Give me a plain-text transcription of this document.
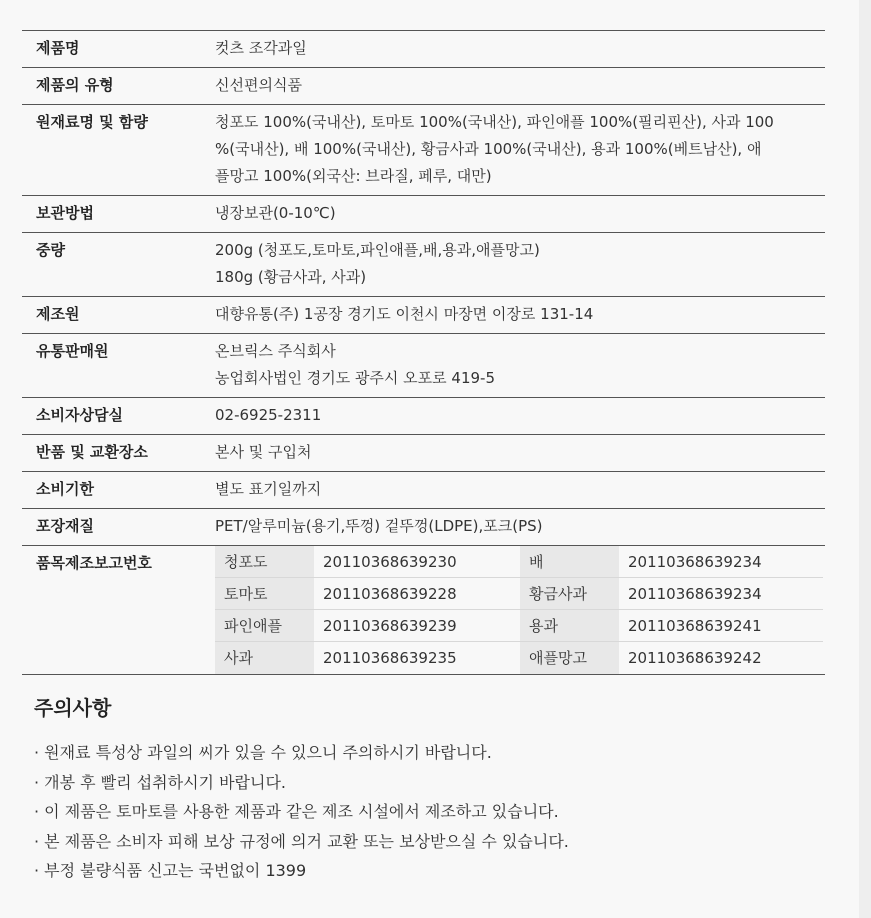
제품명	컷츠 조각과일
제품의 유형	신선편의식품
원재료명 및 함량	청포도 100%(국내산), 토마토 100%(국내산), 파인애플 100%(필리핀산), 사과 100
%(국내산), 배 100%(국내산), 황금사과 100%(국내산), 용과 100%(베트남산), 애
플망고 100%(외국산: 브라질, 페루, 대만)
보관방법	냉장보관(0-10℃)
중량	200g (청포도,토마토,파인애플,배,용과,애플망고)
180g (황금사과, 사과)
제조원	대향유통(주) 1공장 경기도 이천시 마장면 이장로 131-14
유통판매원	온브릭스 주식회사
농업회사법인 경기도 광주시 오포로 419-5
소비자상담실	02-6925-2311
반품 및 교환장소	본사 및 구입처
소비기한	별도 표기일까지
포장재질	PET/알루미늄(용기,뚜껑) 겉뚜껑(LDPE),포크(PS)
품목제조보고번호	청포도	20110368639230	배	20110368639234
토마토	20110368639228	황금사과	20110368639234
파인애플	20110368639239	용과	20110368639241
사과	20110368639235	애플망고	20110368639242
주의사항
· 원재료 특성상 과일의 씨가 있을 수 있으니 주의하시기 바랍니다.
· 개봉 후 빨리 섭취하시기 바랍니다.
· 이 제품은 토마토를 사용한 제품과 같은 제조 시설에서 제조하고 있습니다.
· 본 제품은 소비자 피해 보상 규정에 의거 교환 또는 보상받으실 수 있습니다.
· 부정 불량식품 신고는 국번없이 1399
